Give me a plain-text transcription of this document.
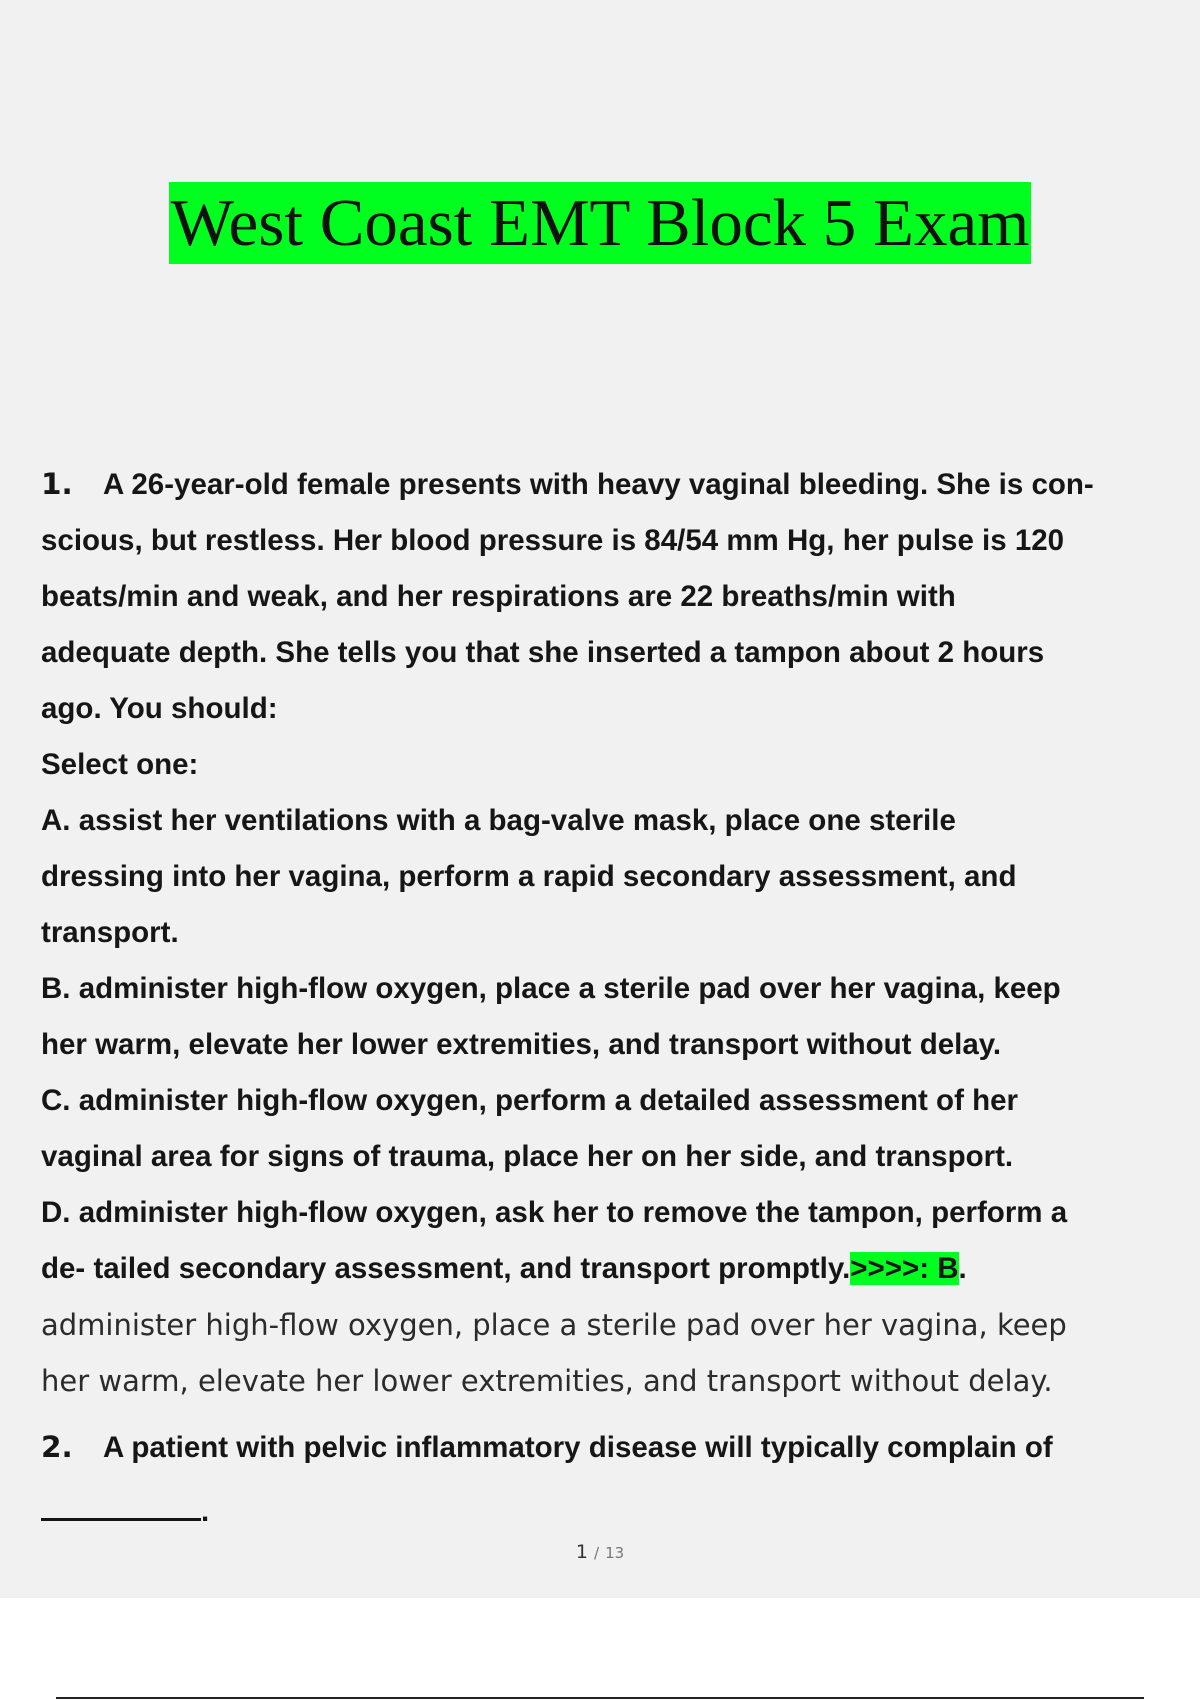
West Coast EMT Block 5 Exam
1. A 26-year-old female presents with heavy vaginal bleeding. She is con-
scious, but restless. Her blood pressure is 84/54 mm Hg, her pulse is 120
beats/min and weak, and her respirations are 22 breaths/min with
adequate depth. She tells you that she inserted a tampon about 2 hours
ago. You should:
Select one:
A. assist her ventilations with a bag-valve mask, place one sterile
dressing into her vagina, perform a rapid secondary assessment, and
transport.
B. administer high-flow oxygen, place a sterile pad over her vagina, keep
her warm, elevate her lower extremities, and transport without delay.
C. administer high-flow oxygen, perform a detailed assessment of her
vaginal area for signs of trauma, place her on her side, and transport.
D. administer high-flow oxygen, ask her to remove the tampon, perform a
de- tailed secondary assessment, and transport promptly.>>>>: B.
administer high-flow oxygen, place a sterile pad over her vagina, keep
her warm, elevate her lower extremities, and transport without delay.
2. A patient with pelvic inflammatory disease will typically complain of
.
1 / 13
